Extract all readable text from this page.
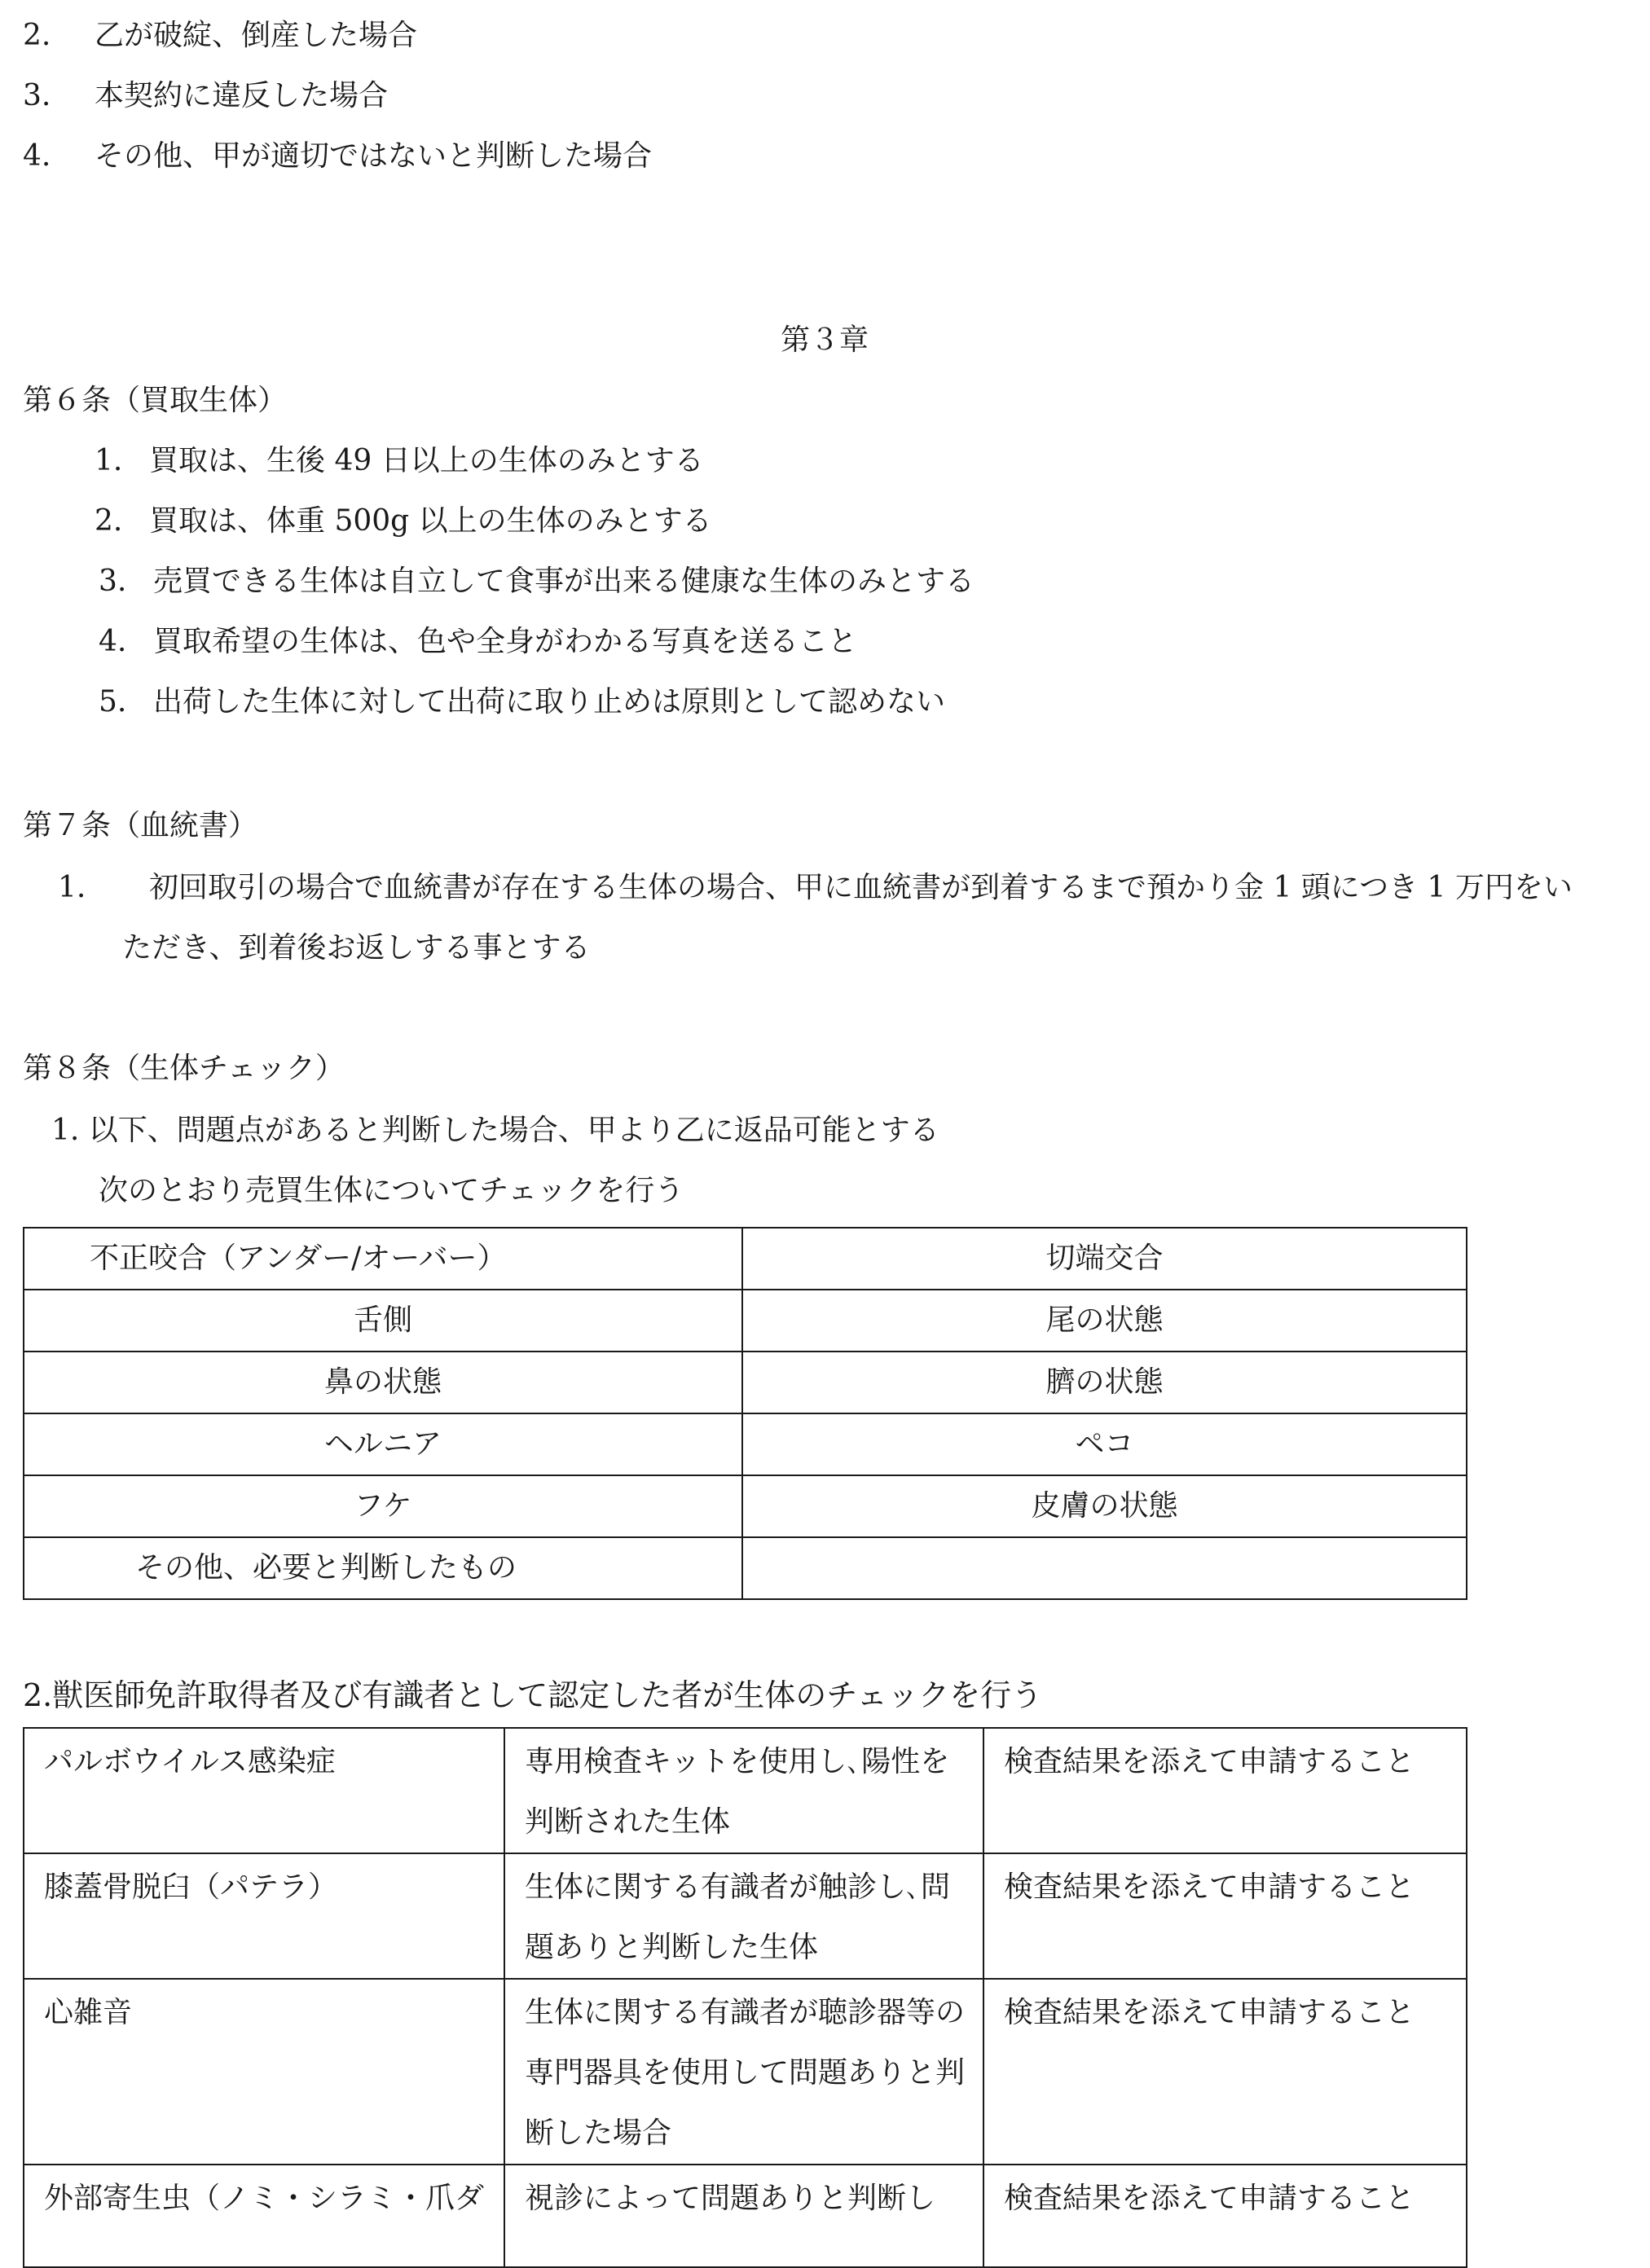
2. 乙が破綻、倒産した場合
3. 本契約に違反した場合
4. その他、甲が適切ではないと判断した場合
第３章
第６条（買取生体）
1. 買取は、生後 49 日以上の生体のみとする
2. 買取は、体重 500g 以上の生体のみとする
3. 売買できる生体は自立して食事が出来る健康な生体のみとする
4. 買取希望の生体は、色や全身がわかる写真を送ること
5. 出荷した生体に対して出荷に取り止めは原則として認めない
第７条（血統書）
1. 初回取引の場合で血統書が存在する生体の場合、甲に血統書が到着するまで預かり金 1 頭につき 1 万円をい
ただき、到着後お返しする事とする
第８条（生体チェック）
1. 以下、問題点があると判断した場合、甲より乙に返品可能とする
次のとおり売買生体についてチェックを行う
不正咬合（アンダー/オーバー）	切端交合
舌側	尾の状態
鼻の状態	臍の状態
ヘルニア	ペコ
フケ	皮膚の状態
その他、必要と判断したもの	
2.獣医師免許取得者及び有識者として認定した者が生体のチェックを行う
パルボウイルス感染症	専用検査キットを使用し､陽性を判断された生体	検査結果を添えて申請すること
膝蓋骨脱臼（パテラ）	生体に関する有識者が触診し､問題ありと判断した生体	検査結果を添えて申請すること
心雑音	生体に関する有識者が聴診器等の専門器具を使用して問題ありと判断した場合	検査結果を添えて申請すること
外部寄生虫（ノミ・シラミ・爪ダ	視診によって問題ありと判断し	検査結果を添えて申請すること
